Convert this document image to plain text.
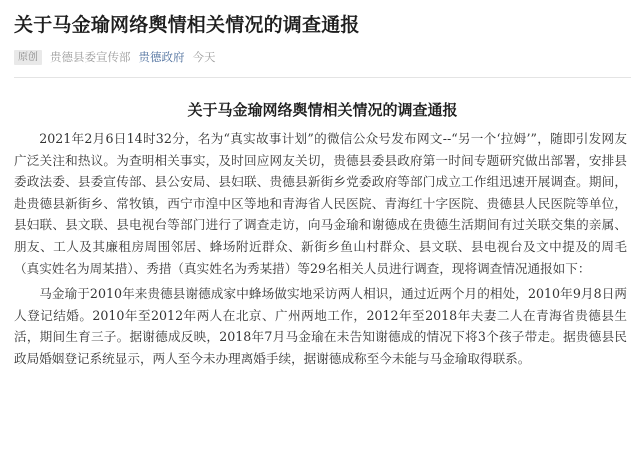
关于马金瑜网络舆情相关情况的调查通报
原创	贵德县委宣传部 贵德政府 今天
关于马金瑜网络舆情相关情况的调查通报

2021年2月6日14时32分，名为“真实故事计划”的微信公众号发布网文--“另一个‘拉姆’”，随即引发网友广泛关注和热议。为查明相关事实，及时回应网友关切，贵德县委县政府第一时间专题研究做出部署，安排县委政法委、县委宣传部、县公安局、县妇联、贵德县新街乡党委政府等部门成立工作组迅速开展调查。期间，赴贵德县新街乡、常牧镇，西宁市湟中区等地和青海省人民医院、青海红十字医院、贵德县人民医院等单位，县妇联、县文联、县电视台等部门进行了调查走访，向马金瑜和谢德成在贵德生活期间有过关联交集的亲属、朋友、工人及其廉租房周围邻居、蜂场附近群众、新街乡鱼山村群众、县文联、县电视台及文中提及的周毛（真实姓名为周某措）、秀措（真实姓名为秀某措）等29名相关人员进行调查，现将调查情况通报如下：

马金瑜于2010年来贵德县谢德成家中蜂场做实地采访两人相识，通过近两个月的相处，2010年9月8日两人登记结婚。2010年至2012年两人在北京、广州两地工作，2012年至2018年夫妻二人在青海省贵德县生活，期间生育三子。据谢德成反映，2018年7月马金瑜在未告知谢德成的情况下将3个孩子带走。据贵德县民政局婚姻登记系统显示，两人至今未办理离婚手续，据谢德成称至今未能与马金瑜取得联系。
